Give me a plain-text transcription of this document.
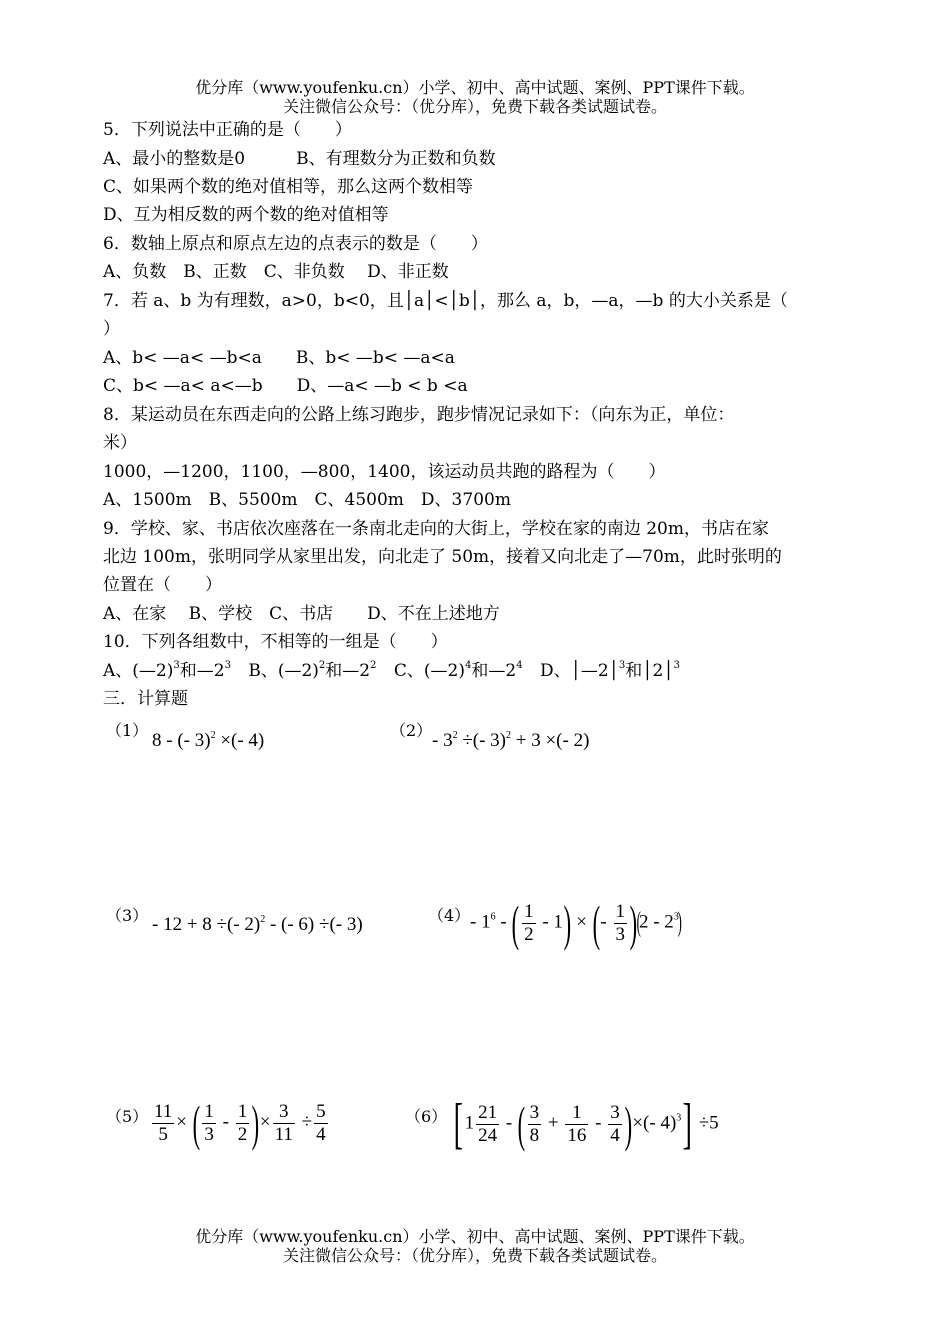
优分库（www.youfenku.cn）小学、初中、高中试题、案例、PPT课件下载。
关注微信公众号：（优分库），免费下载各类试题试卷。
5．下列说法中正确的是（　　）
A、最小的整数是0　　　B、有理数分为正数和负数
C、如果两个数的绝对值相等，那么这两个数相等
D、互为相反数的两个数的绝对值相等
6．数轴上原点和原点左边的点表示的数是（　　）
A、负数　B、正数　C、非负数　 D、非正数
7．若 a、b 为有理数，a>0，b<0，且│a│<│b│，那么 a，b，—a，—b 的大小关系是（
）
A、b< —a< —b<a　　B、b< —b< —a<a
C、b< —a< a<—b　　D、—a< —b < b <a
8．某运动员在东西走向的公路上练习跑步，跑步情况记录如下：（向东为正，单位：
米）
1000，—1200，1100，—800，1400，该运动员共跑的路程为（　　）
A、1500m　B、5500m　C、4500m　D、3700m
9．学校、家、书店依次座落在一条南北走向的大街上，学校在家的南边 20m，书店在家
北边 100m，张明同学从家里出发，向北走了 50m，接着又向北走了—70m，此时张明的
位置在（　　）
A、在家　 B、学校　C、书店　　D、不在上述地方
10．下列各组数中，不相等的一组是（　　）
A、(—2)$^3$和$—2^3$ B、(—2)$^2$和$—2^2$ C、(—2)$^4$和$—2^4$ D、│—2│$^3$和│2│$^3$
三．计算题
（1） 8 - (- 3)$^2$ ×(- 4)	$(2) - 3^2$ ÷(- 3)$^2$ + 3 ×(- 2)
（3） - 12 + 8 ÷(- 2)$^2$ - (- 6) ÷(- 3)	$(4) - 1^6$ - ( $\frac{1}{2} - 1$) × (- $\frac{1}{3} )(2 - 2^3)$
$(5) \frac{11}{5}$ × ( $\frac{1}{3} - \frac{1}{2}$ )× $\frac{3}{11} \div \frac{5}{4}$	（6） [$1 \frac{21}{24}$ - ( $\frac{3}{8} + \frac{1}{16} - \frac{3}{4}$ )×(- 4)$^3$] ÷5
优分库（www.youfenku.cn）小学、初中、高中试题、案例、PPT课件下载。
关注微信公众号：（优分库），免费下载各类试题试卷。
